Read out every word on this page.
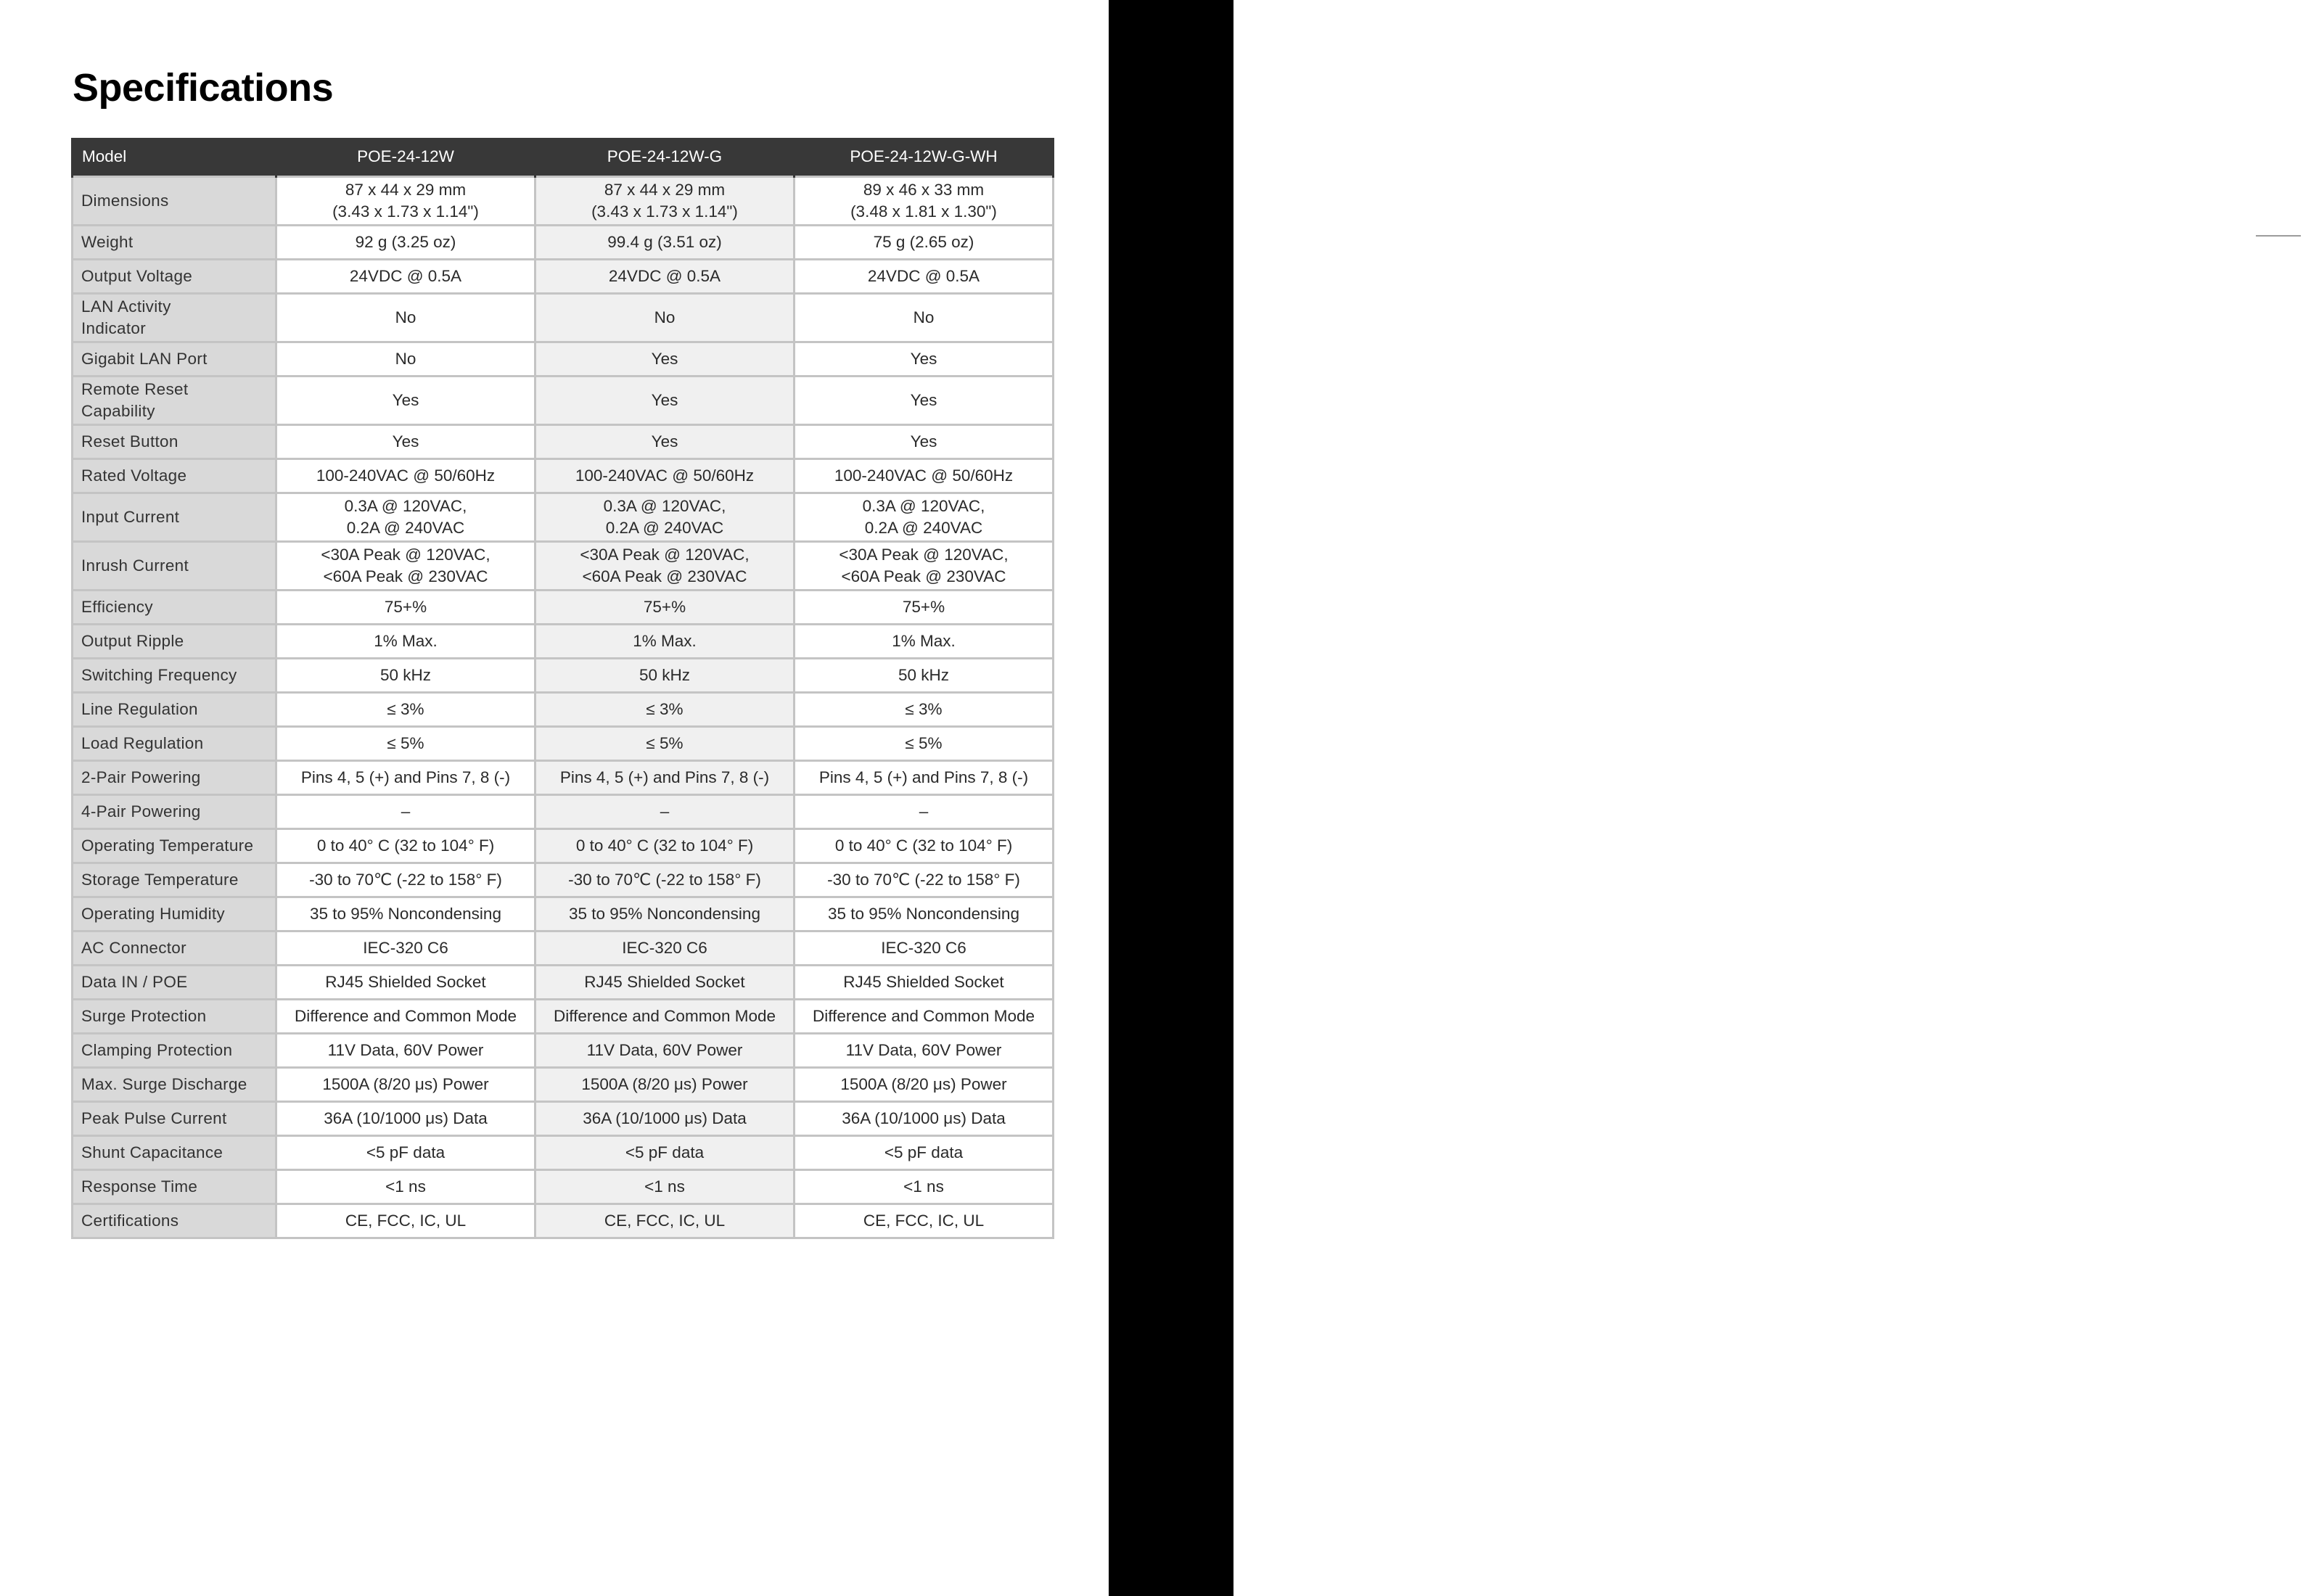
Specifications
Model	POE-24-12W	POE-24-12W-G	POE-24-12W-G-WH
Dimensions	87 x 44 x 29 mm
(3.43 x 1.73 x 1.14")	87 x 44 x 29 mm
(3.43 x 1.73 x 1.14")	89 x 46 x 33 mm
(3.48 x 1.81 x 1.30")

Weight	92 g (3.25 oz)	99.4 g (3.51 oz)	75 g (2.65 oz)

Output Voltage	24VDC @ 0.5A	24VDC @ 0.5A	24VDC @ 0.5A

LAN Activity Indicator	No	No	No

Gigabit LAN Port	No	Yes	Yes

Remote Reset Capability	Yes	Yes	Yes

Reset Button	Yes	Yes	Yes

Rated Voltage	100-240VAC @ 50/60Hz	100-240VAC @ 50/60Hz	100-240VAC @ 50/60Hz

Input Current	0.3A @ 120VAC,
0.2A @ 240VAC	0.3A @ 120VAC,
0.2A @ 240VAC	0.3A @ 120VAC,
0.2A @ 240VAC

Inrush Current	<30A Peak @ 120VAC,
<60A Peak @ 230VAC	<30A Peak @ 120VAC,
<60A Peak @ 230VAC	<30A Peak @ 120VAC,
<60A Peak @ 230VAC

Efficiency	75+%	75+%	75+%

Output Ripple	1% Max.	1% Max.	1% Max.

Switching Frequency	50 kHz	50 kHz	50 kHz

Line Regulation	≤ 3%	≤ 3%	≤ 3%

Load Regulation	≤ 5%	≤ 5%	≤ 5%

2-Pair Powering	Pins 4, 5 (+) and Pins 7, 8 (-)	Pins 4, 5 (+) and Pins 7, 8 (-)	Pins 4, 5 (+) and Pins 7, 8 (-)

4-Pair Powering	–	–	–

Operating Temperature	0 to 40° C (32 to 104° F)	0 to 40° C (32 to 104° F)	0 to 40° C (32 to 104° F)

Storage Temperature	-30 to 70℃ (-22 to 158° F)	-30 to 70℃ (-22 to 158° F)	-30 to 70℃ (-22 to 158° F)

Operating Humidity	35 to 95% Noncondensing	35 to 95% Noncondensing	35 to 95% Noncondensing

AC Connector	IEC-320 C6	IEC-320 C6	IEC-320 C6

Data IN / POE	RJ45 Shielded Socket	RJ45 Shielded Socket	RJ45 Shielded Socket

Surge Protection	Difference and Common Mode	Difference and Common Mode	Difference and Common Mode

Clamping Protection	11V Data, 60V Power	11V Data, 60V Power	11V Data, 60V Power

Max. Surge Discharge	1500A (8/20 μs) Power	1500A (8/20 μs) Power	1500A (8/20 μs) Power

Peak Pulse Current	36A (10/1000 μs) Data	36A (10/1000 μs) Data	36A (10/1000 μs) Data

Shunt Capacitance	<5 pF data	<5 pF data	<5 pF data

Response Time	<1 ns	<1 ns	<1 ns

Certifications	CE, FCC, IC, UL	CE, FCC, IC, UL	CE, FCC, IC, UL
PoE Adapters
Datasheet
5
